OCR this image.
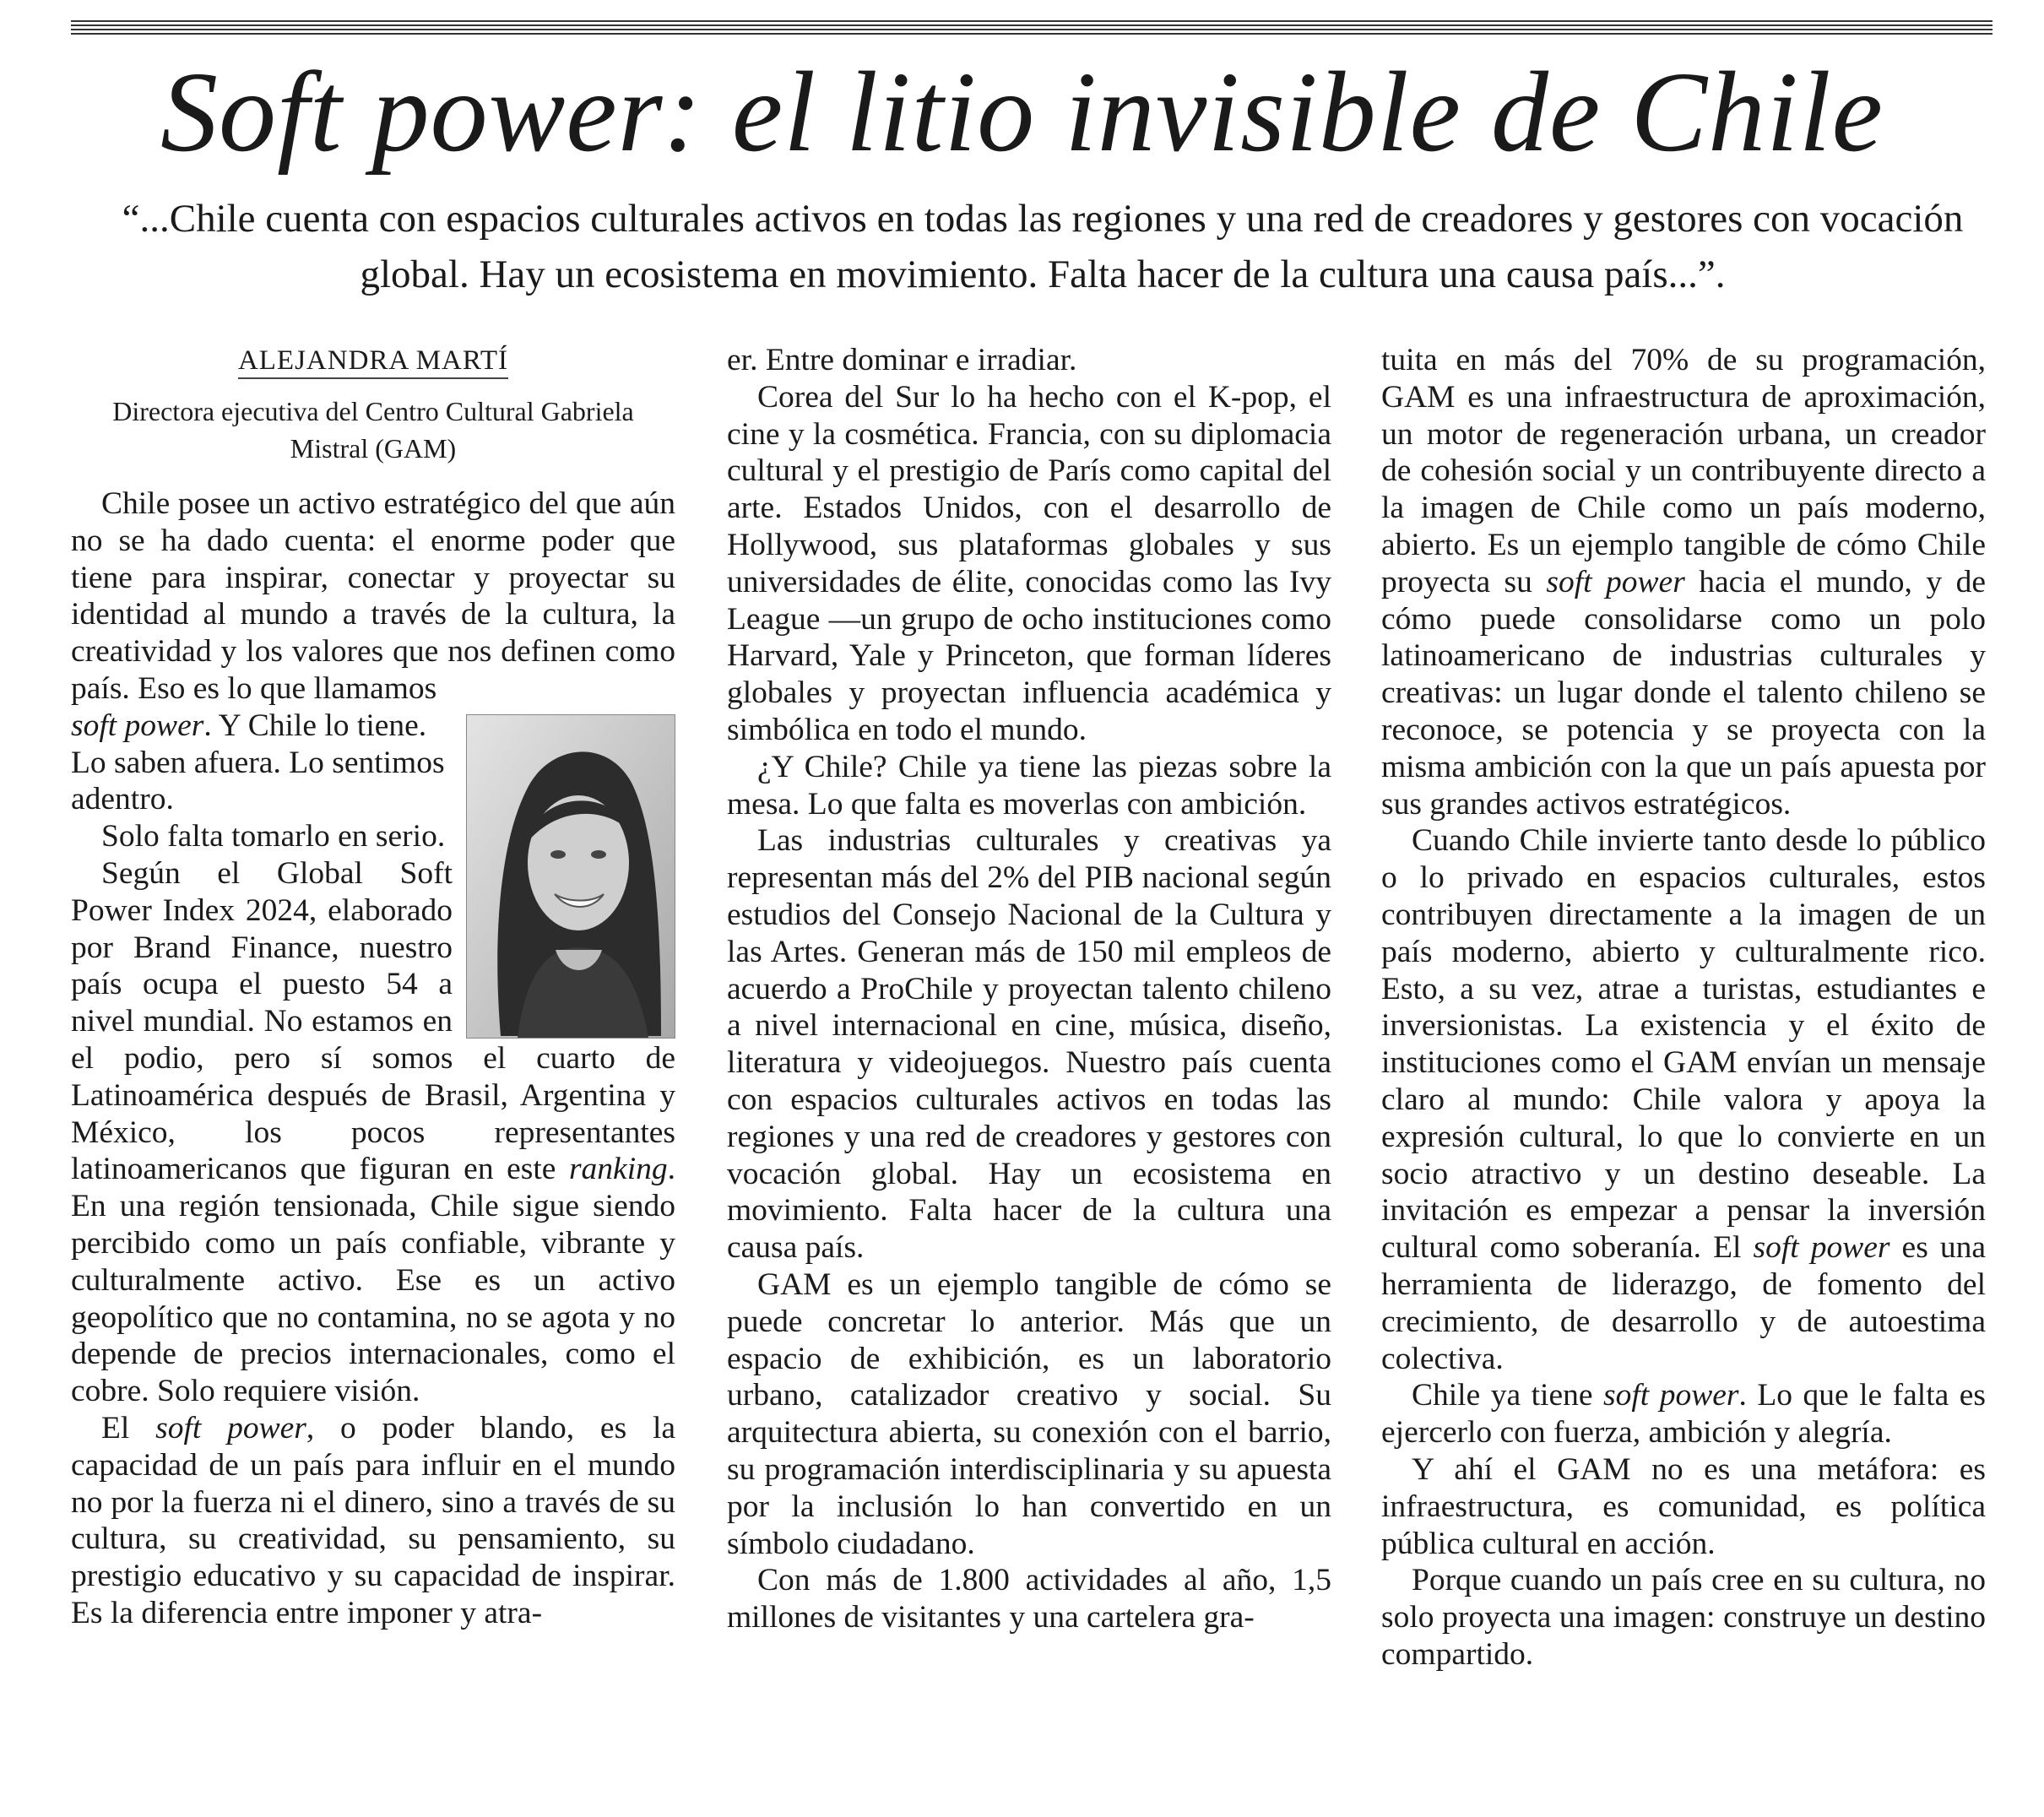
Soft power: el litio invisible de Chile

“...Chile cuenta con espacios culturales activos en todas las regiones y una red de creadores y gestores con vocación global. Hay un ecosistema en movimiento. Falta hacer de la cultura una causa país...”.

ALEJANDRA MARTÍ
Directora ejecutiva del Centro Cultural Gabriela Mistral (GAM)

Chile posee un activo estratégico del que aún no se ha dado cuenta: el enorme poder que tiene para inspirar, conectar y proyectar su identidad al mundo a través de la cultura, la creatividad y los valores que nos definen como país. Eso es lo que llamamos

soft power. Y Chile lo tiene. Lo saben afuera. Lo sentimos adentro.

Solo falta tomarlo en serio.

Según el Global Soft Power Index 2024, elaborado por Brand Finance, nuestro país ocupa el puesto 54 a nivel mundial. No estamos en el podio, pero sí somos el cuarto de Latinoamérica después de Brasil, Argentina y México, los pocos representantes latinoamericanos que figuran en este ranking. En una región tensionada, Chile sigue siendo percibido como un país confiable, vibrante y culturalmente activo. Ese es un activo geopolítico que no contamina, no se agota y no depende de precios internacionales, como el cobre. Solo requiere visión.

El soft power, o poder blando, es la capacidad de un país para influir en el mundo no por la fuerza ni el dinero, sino a través de su cultura, su creatividad, su pensamiento, su prestigio educativo y su capacidad de inspirar. Es la diferencia entre imponer y atra-

er. Entre dominar e irradiar.

Corea del Sur lo ha hecho con el K-pop, el cine y la cosmética. Francia, con su diplomacia cultural y el prestigio de París como capital del arte. Estados Unidos, con el desarrollo de Hollywood, sus plataformas globales y sus universidades de élite, conocidas como las Ivy League —un grupo de ocho instituciones como Harvard, Yale y Princeton, que forman líderes globales y proyectan influencia académica y simbólica en todo el mundo.

¿Y Chile? Chile ya tiene las piezas sobre la mesa. Lo que falta es moverlas con ambición.

Las industrias culturales y creativas ya representan más del 2% del PIB nacional según estudios del Consejo Nacional de la Cultura y las Artes. Generan más de 150 mil empleos de acuerdo a ProChile y proyectan talento chileno a nivel internacional en cine, música, diseño, literatura y videojuegos. Nuestro país cuenta con espacios culturales activos en todas las regiones y una red de creadores y gestores con vocación global. Hay un ecosistema en movimiento. Falta hacer de la cultura una causa país.

GAM es un ejemplo tangible de cómo se puede concretar lo anterior. Más que un espacio de exhibición, es un laboratorio urbano, catalizador creativo y social. Su arquitectura abierta, su conexión con el barrio, su programación interdisciplinaria y su apuesta por la inclusión lo han convertido en un símbolo ciudadano.

Con más de 1.800 actividades al año, 1,5 millones de visitantes y una cartelera gra-

tuita en más del 70% de su programación, GAM es una infraestructura de aproximación, un motor de regeneración urbana, un creador de cohesión social y un contribuyente directo a la imagen de Chile como un país moderno, abierto. Es un ejemplo tangible de cómo Chile proyecta su soft power hacia el mundo, y de cómo puede consolidarse como un polo latinoamericano de industrias culturales y creativas: un lugar donde el talento chileno se reconoce, se potencia y se proyecta con la misma ambición con la que un país apuesta por sus grandes activos estratégicos.

Cuando Chile invierte tanto desde lo público o lo privado en espacios culturales, estos contribuyen directamente a la imagen de un país moderno, abierto y culturalmente rico. Esto, a su vez, atrae a turistas, estudiantes e inversionistas. La existencia y el éxito de instituciones como el GAM envían un mensaje claro al mundo: Chile valora y apoya la expresión cultural, lo que lo convierte en un socio atractivo y un destino deseable. La invitación es empezar a pensar la inversión cultural como soberanía. El soft power es una herramienta de liderazgo, de fomento del crecimiento, de desarrollo y de autoestima colectiva.

Chile ya tiene soft power. Lo que le falta es ejercerlo con fuerza, ambición y alegría.

Y ahí el GAM no es una metáfora: es infraestructura, es comunidad, es política pública cultural en acción.

Porque cuando un país cree en su cultura, no solo proyecta una imagen: construye un destino compartido.
